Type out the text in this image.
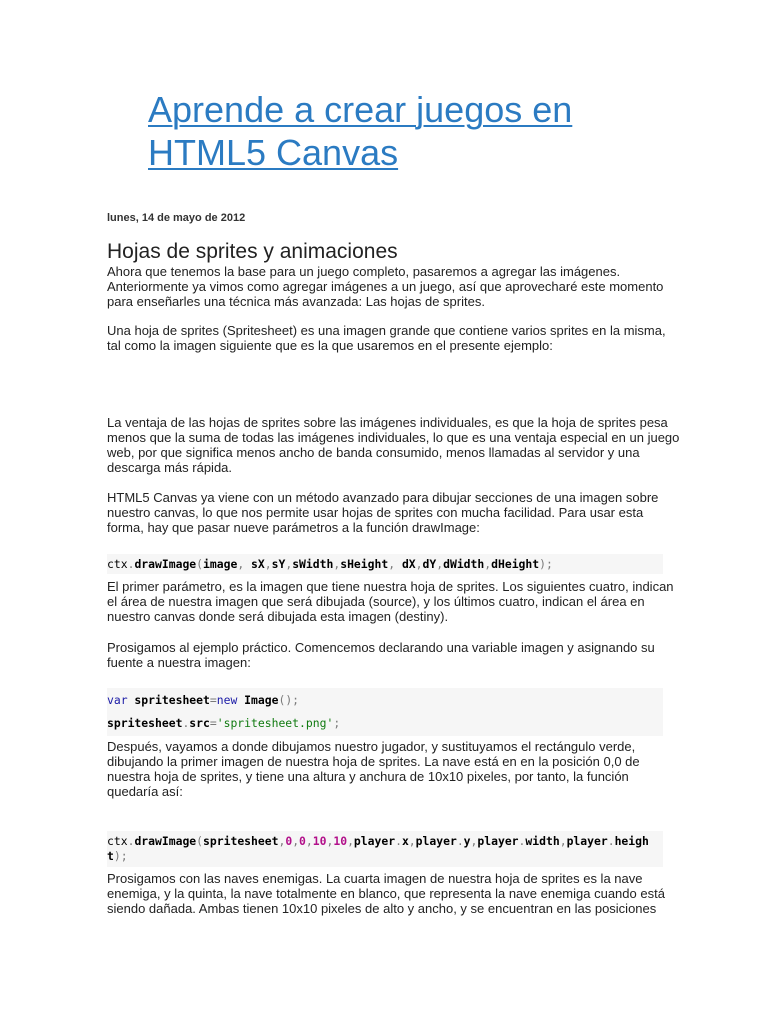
Aprende a crear juegos en
HTML5 Canvas
lunes, 14 de mayo de 2012
Hojas de sprites y animaciones

Ahora que tenemos la base para un juego completo, pasaremos a agregar las imágenes.
Anteriormente ya vimos como agregar imágenes a un juego, así que aprovecharé este momento
para enseñarles una técnica más avanzada: Las hojas de sprites.

Una hoja de sprites (Spritesheet) es una imagen grande que contiene varios sprites en la misma,
tal como la imagen siguiente que es la que usaremos en el presente ejemplo:

La ventaja de las hojas de sprites sobre las imágenes individuales, es que la hoja de sprites pesa
menos que la suma de todas las imágenes individuales, lo que es una ventaja especial en un juego
web, por que significa menos ancho de banda consumido, menos llamadas al servidor y una
descarga más rápida.

HTML5 Canvas ya viene con un método avanzado para dibujar secciones de una imagen sobre
nuestro canvas, lo que nos permite usar hojas de sprites con mucha facilidad. Para usar esta
forma, hay que pasar nueve parámetros a la función drawImage:

ctx.drawImage(image, sX,sY,sWidth,sHeight, dX,dY,dWidth,dHeight);

El primer parámetro, es la imagen que tiene nuestra hoja de sprites. Los siguientes cuatro, indican
el área de nuestra imagen que será dibujada (source), y los últimos cuatro, indican el área en
nuestro canvas donde será dibujada esta imagen (destiny).

Prosigamos al ejemplo práctico. Comencemos declarando una variable imagen y asignando su
fuente a nuestra imagen:

var spritesheet=new Image();
spritesheet.src='spritesheet.png';

Después, vayamos a donde dibujamos nuestro jugador, y sustituyamos el rectángulo verde,
dibujando la primer imagen de nuestra hoja de sprites. La nave está en en la posición 0,0 de
nuestra hoja de sprites, y tiene una altura y anchura de 10x10 pixeles, por tanto, la función
quedaría así:

ctx.drawImage(spritesheet,0,0,10,10,player.x,player.y,player.width,player.height);

Prosigamos con las naves enemigas. La cuarta imagen de nuestra hoja de sprites es la nave
enemiga, y la quinta, la nave totalmente en blanco, que representa la nave enemiga cuando está
siendo dañada. Ambas tienen 10x10 pixeles de alto y ancho, y se encuentran en las posiciones
